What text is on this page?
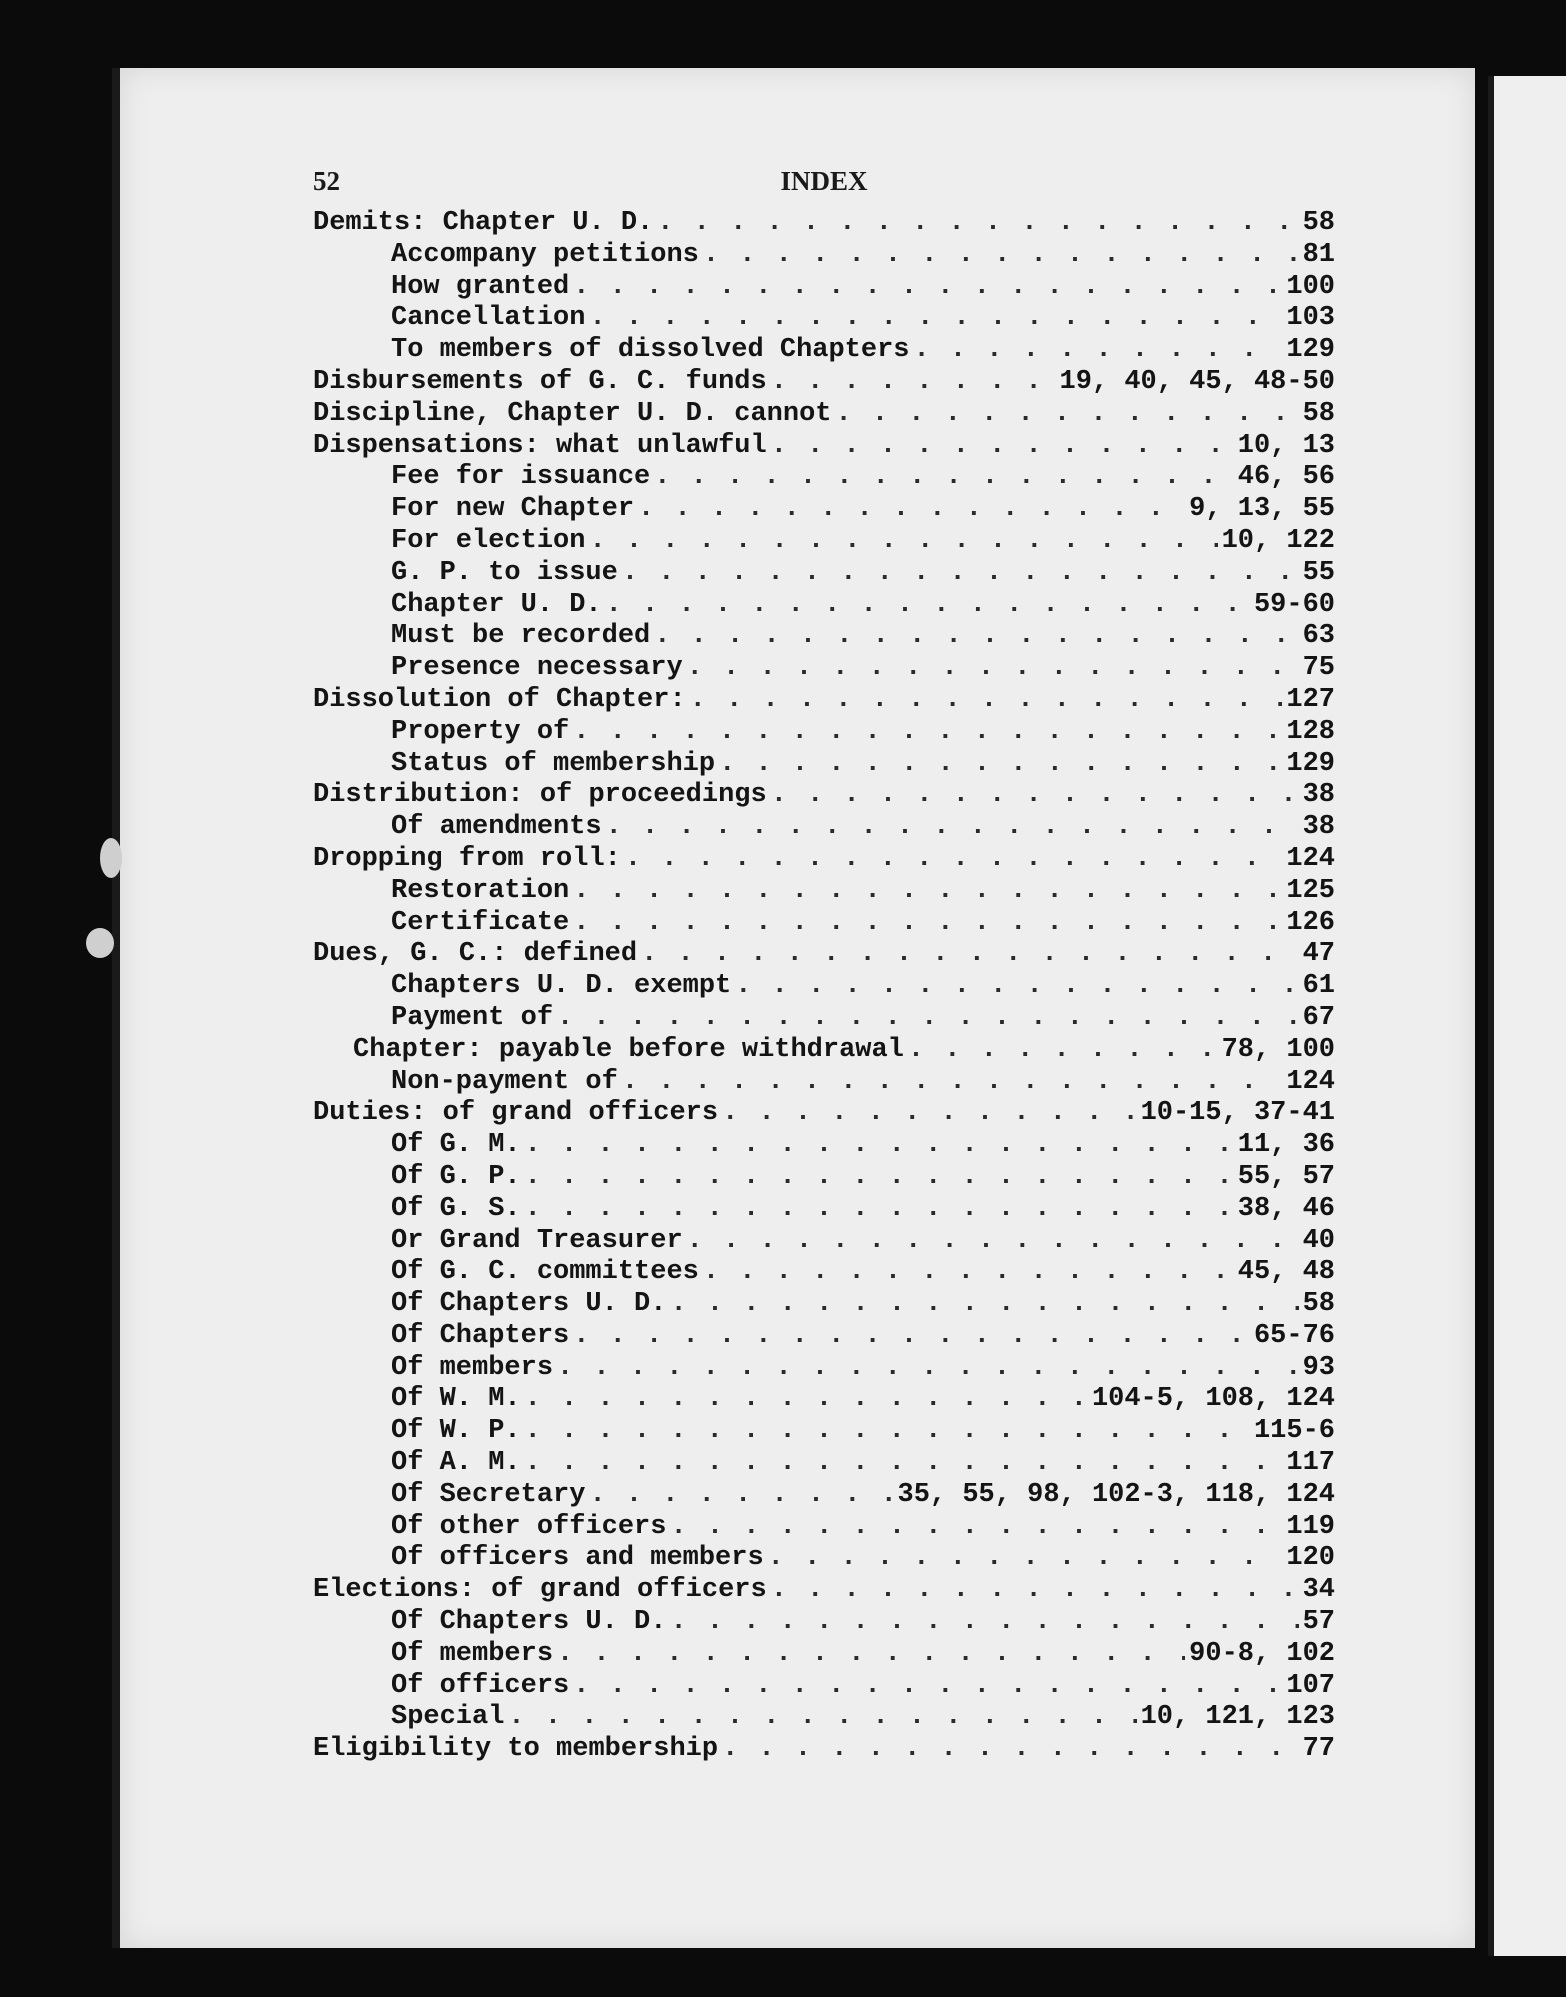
52	INDEX
Demits: Chapter U. D. . . .	58
Accompany petitions . . .	81
How granted . . .	100
Cancellation . . .	103
To members of dissolved Chapters . . .	129
Disbursements of G. C. funds . . .	19, 40, 45, 48-50
Discipline, Chapter U. D. cannot . . .	58
Dispensations: what unlawful . . .	10, 13
Fee for issuance . . .	46, 56
For new Chapter . . .	9, 13, 55
For election . . .	10, 122
G. P. to issue . . .	55
Chapter U. D. . . .	59-60
Must be recorded . . .	63
Presence necessary . . .	75
Dissolution of Chapter: . . .	127
Property of . . .	128
Status of membership . . .	129
Distribution: of proceedings . . .	38
Of amendments . . .	38
Dropping from roll: . . .	124
Restoration . . .	125
Certificate . . .	126
Dues, G. C.: defined . . .	47
Chapters U. D. exempt . . .	61
Payment of . . .	67
Chapter: payable before withdrawal . . .	78, 100
Non-payment of . . .	124
Duties: of grand officers . . .	10-15, 37-41
Of G. M. . . .	11, 36
Of G. P. . . .	55, 57
Of G. S. . . .	38, 46
Or Grand Treasurer . . .	40
Of G. C. committees . . .	45, 48
Of Chapters U. D. . . .	58
Of Chapters . . .	65-76
Of members . . .	93
Of W. M. . . .	104-5, 108, 124
Of W. P. . . .	115-6
Of A. M. . . .	117
Of Secretary . . .	35, 55, 98, 102-3, 118, 124
Of other officers . . .	119
Of officers and members . . .	120
Elections: of grand officers . . .	34
Of Chapters U. D. . . .	57
Of members . . .	90-8, 102
Of officers . . .	107
Special . . .	10, 121, 123
Eligibility to membership . . .	77
